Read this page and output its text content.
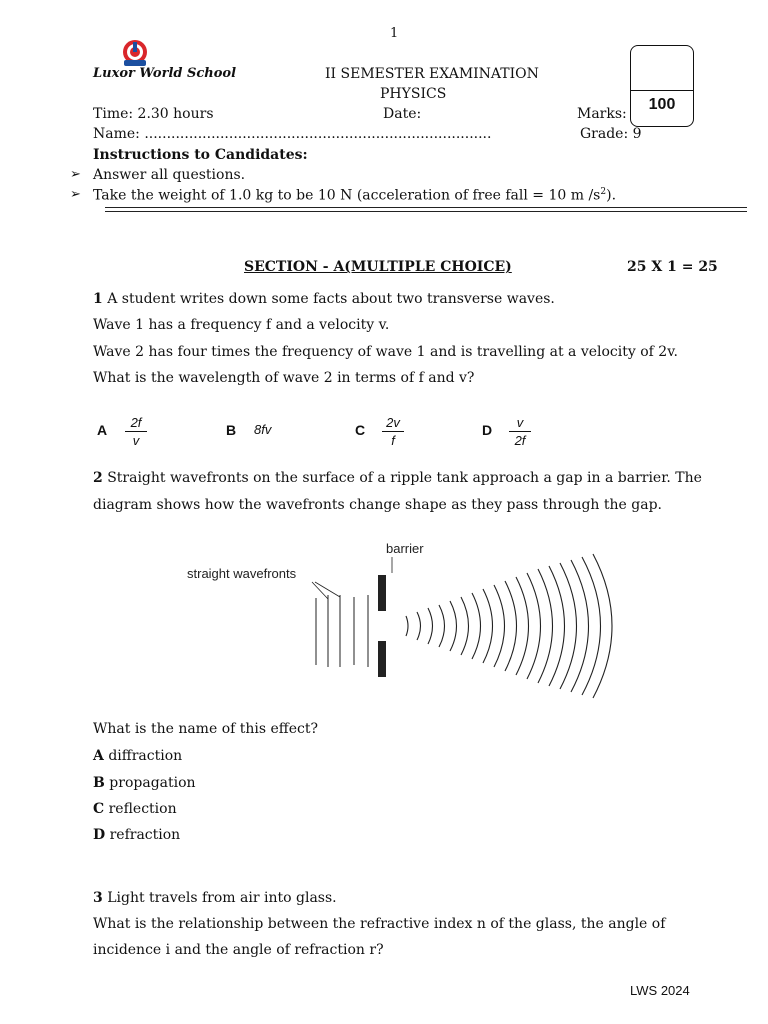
1
Luxor World School	II SEMESTER EXAMINATION
PHYSICS
Time: 2.30 hours	Date:	Marks:
Name: ..............................................................................	Grade: 9
100
Instructions to Candidates:
➢ Answer all questions.
➢ Take the weight of 1.0 kg to be 10 N (acceleration of free fall = 10 m $/s^2$).
SECTION - A(MULTIPLE CHOICE)	25 X 1 = 25
1 A student writes down some facts about two transverse waves.
Wave 1 has a frequency f and a velocity v.
Wave 2 has four times the frequency of wave 1 and is travelling at a velocity of 2v.
What is the wavelength of wave 2 in terms of f and v?
A	2f
v
B 8fv	C	2v
f
D	v
2f
2 Straight wavefronts on the surface of a ripple tank approach a gap in a barrier. The
diagram shows how the wavefronts change shape as they pass through the gap.
barrier
straight wavefronts
What is the name of this effect?
A diffraction
B propagation
C reflection
D refraction
3 Light travels from air into glass.
What is the relationship between the refractive index n of the glass, the angle of
incidence i and the angle of refraction r?
LWS 2024
